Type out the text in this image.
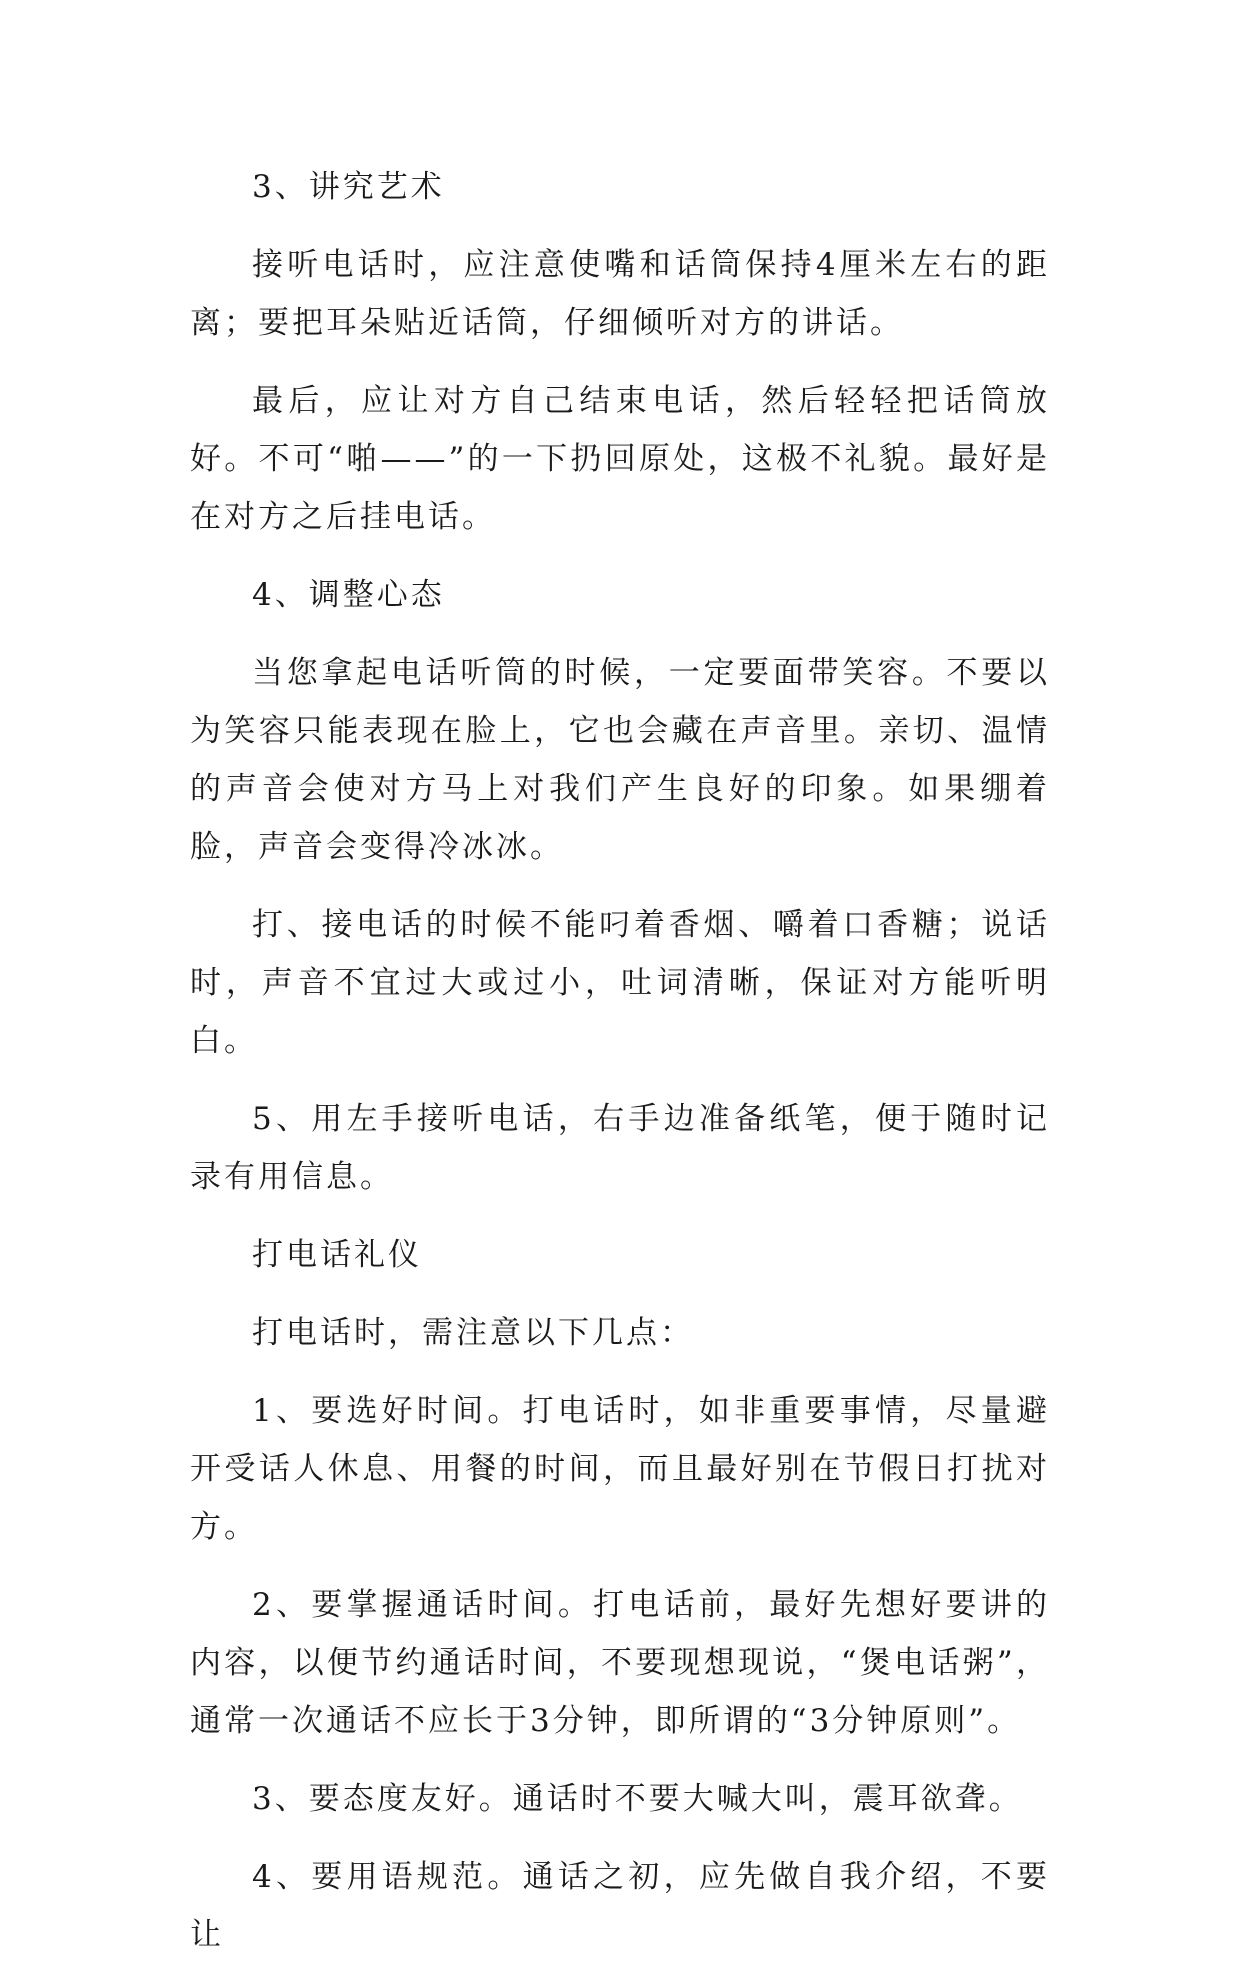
3、讲究艺术

接听电话时，应注意使嘴和话筒保持4厘米左右的距离；要把耳朵贴近话筒，仔细倾听对方的讲话。

最后，应让对方自己结束电话，然后轻轻把话筒放好。不可“啪——”的一下扔回原处，这极不礼貌。最好是在对方之后挂电话。

4、调整心态

当您拿起电话听筒的时候，一定要面带笑容。不要以为笑容只能表现在脸上，它也会藏在声音里。亲切、温情的声音会使对方马上对我们产生良好的印象。如果绷着脸，声音会变得冷冰冰。

打、接电话的时候不能叼着香烟、嚼着口香糖；说话时，声音不宜过大或过小，吐词清晰，保证对方能听明白。

5、用左手接听电话，右手边准备纸笔，便于随时记录有用信息。

打电话礼仪

打电话时，需注意以下几点：

1、要选好时间。打电话时，如非重要事情，尽量避开受话人休息、用餐的时间，而且最好别在节假日打扰对方。

2、要掌握通话时间。打电话前，最好先想好要讲的内容，以便节约通话时间，不要现想现说，“煲电话粥”，通常一次通话不应长于3分钟，即所谓的“3分钟原则”。

3、要态度友好。通话时不要大喊大叫，震耳欲聋。

4、要用语规范。通话之初，应先做自我介绍，不要让
